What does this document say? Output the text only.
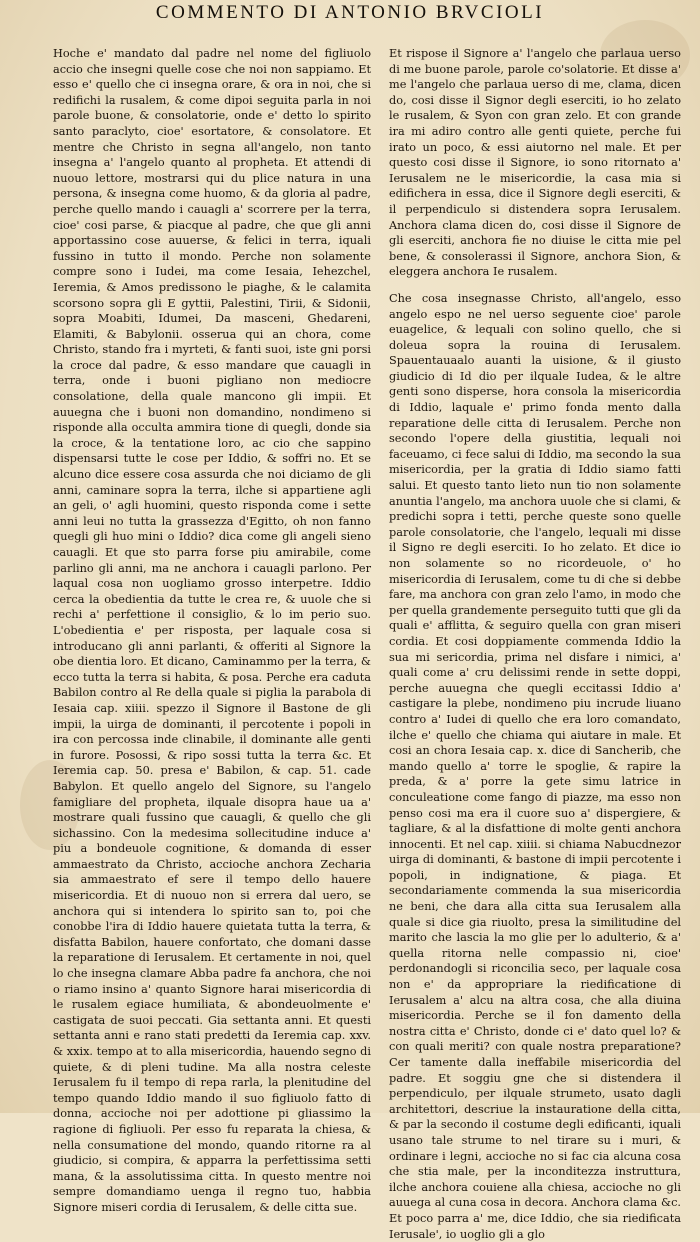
COMMENTO DI ANTONIO BRVCIOLI

Hoche e' mandato dal padre nel nome del figliuolo accio che insegni quelle cose che noi non sappiamo. Et esso e' quello che ci insegna orare, & ora in noi, che si redifichi la rusalem, & come dipoi seguita parla in noi parole buone, & consolatorie, onde e' detto lo spirito santo paraclyto, cioe' esortatore, & consolatore. Et mentre che Christo in segna all'angelo, non tanto insegna a' l'angelo quanto al propheta. Et attendi di nuouo lettore, mostrarsi qui du plice natura in una persona, & insegna come huomo, & da gloria al padre, perche quello mando i cauagli a' scorrere per la terra, cioe' cosi parse, & piacque al padre, che que gli anni apportassino cose auuerse, & felici in terra, iquali fussino in tutto il mondo. Perche non solamente compre sono i Iudei, ma come Iesaia, Iehezchel, Ieremia, & Amos predissono le piaghe, & le calamita scorsono sopra gli E gyttii, Palestini, Tirii, & Sidonii, sopra Moabiti, Idumei, Da masceni, Ghedareni, Elamiti, & Babylonii. osserua qui an chora, come Christo, stando fra i myrteti, & fanti suoi, iste gni porsi la croce dal padre, & esso mandare que cauagli in terra, onde i buoni pigliano non mediocre consolatione, della quale mancono gli impii. Et auuegna che i buoni non domandino, nondimeno si risponde alla occulta ammira tione di quegli, donde sia la croce, & la tentatione loro, ac cio che sappino dispensarsi tutte le cose per Iddio, & soffri no. Et se alcuno dice essere cosa assurda che noi diciamo de gli anni, caminare sopra la terra, ilche si appartiene agli an geli, o' agli huomini, questo risponda come i sette anni leui no tutta la grassezza d'Egitto, oh non fanno quegli gli huo mini o Iddio? dica come gli angeli sieno cauagli. Et que sto parra forse piu amirabile, come parlino gli anni, ma ne anchora i cauagli parlono. Per laqual cosa non uogliamo grosso interpetre. Iddio cerca la obedientia da tutte le crea re, & uuole che si rechi a' perfettione il consiglio, & lo im perio suo. L'obedientia e' per risposta, per laquale cosa si introducano gli anni parlanti, & offeriti al Signore la obe dientia loro. Et dicano, Caminammo per la terra, & ecco tutta la terra si habita, & posa. Perche era caduta Babilon contro al Re della quale si piglia la parabola di Iesaia cap. xiiii. spezzo il Signore il Bastone de gli impii, la uirga de dominanti, il percotente i popoli in ira con percossa inde clinabile, il dominante alle genti in furore. Posossi, & ripo sossi tutta la terra &c. Et Ieremia cap. 50. presa e' Babilon, & cap. 51. cade Babylon. Et quello angelo del Signore, su l'angelo famigliare del propheta, ilquale disopra haue ua a' mostrare quali fussino que cauagli, & quello che gli sichassino. Con la medesima sollecitudine induce a' piu a bondeuole cognitione, & domanda di esser ammaestrato da Christo, accioche anchora Zecharia sia ammaestrato ef sere il tempo dello hauere misericordia. Et di nuouo non si errera dal uero, se anchora qui si intendera lo spirito san to, poi che conobbe l'ira di Iddio hauere quietata tutta la terra, & disfatta Babilon, hauere confortato, che domani dasse la reparatione di Ierusalem. Et certamente in noi, quel lo che insegna clamare Abba padre fa anchora, che noi o riamo insino a' quanto Signore harai misericordia di le rusalem egiace humiliata, & abondeuolmente e' castigata de suoi peccati. Gia settanta anni. Et questi settanta anni e rano stati predetti da Ieremia cap. xxv. & xxix. tempo at to alla misericordia, hauendo segno di quiete, & di pleni tudine. Ma alla nostra celeste Ierusalem fu il tempo di repa rarla, la plenitudine del tempo quando Iddio mando il suo figliuolo fatto di donna, accioche noi per adottione pi gliassimo la ragione di figliuoli. Per esso fu reparata la chiesa, & nella consumatione del mondo, quando ritorne ra al giudicio, si compira, & apparra la perfettissima setti mana, & la assolutissima citta. In questo mentre noi sempre domandiamo uenga il regno tuo, habbia Signore miseri cordia di Ierusalem, & delle citta sue.

Et rispose il Signore a' l'angelo che parlaua uerso di me buone parole, parole co'solatorie. Et disse a' me l'angelo che parlaua uerso di me, clama, dicen do, cosi disse il Signor degli eserciti, io ho zelato le rusalem, & Syon con gran zelo. Et con grande ira mi adiro contro alle genti quiete, perche fui irato un poco, & essi aiutorno nel male. Et per questo cosi disse il Signore, io sono ritornato a' Ierusalem ne le misericordie, la casa mia si edifichera in essa, dice il Signore degli eserciti, & il perpendiculo si distendera sopra Ierusalem. Anchora clama dicen do, cosi disse il Signore de gli eserciti, anchora fie no diuise le citta mie pel bene, & consolerassi il Signore, anchora Sion, & eleggera anchora Ie rusalem.

Che cosa insegnasse Christo, all'angelo, esso angelo espo ne nel uerso seguente cioe' parole euagelice, & lequali con solino quello, che si doleua sopra la rouina di Ierusalem. Spauentauaalo auanti la uisione, & il giusto giudicio di Id dio per ilquale Iudea, & le altre genti sono disperse, hora consola la misericordia di Iddio, laquale e' primo fonda mento dalla reparatione delle citta di Ierusalem. Perche non secondo l'opere della giustitia, lequali noi faceuamo, ci fece salui di Iddio, ma secondo la sua misericordia, per la gratia di Iddio siamo fatti salui. Et questo tanto lieto nun tio non solamente anuntia l'angelo, ma anchora uuole che si clami, & predichi sopra i tetti, perche queste sono quelle parole consolatorie, che l'angelo, lequali mi disse il Signo re degli eserciti. Io ho zelato. Et dice io non solamente so no ricordeuole, o' ho misericordia di Ierusalem, come tu di che si debbe fare, ma anchora con gran zelo l'amo, in modo che per quella grandemente perseguito tutti que gli da quali e' afflitta, & seguiro quella con gran miseri cordia. Et cosi doppiamente commenda Iddio la sua mi sericordia, prima nel disfare i nimici, a' quali come a' cru delissimi rende in sette doppi, perche auuegna che quegli eccitassi Iddio a' castigare la plebe, nondimeno piu incrude liuano contro a' Iudei di quello che era loro comandato, ilche e' quello che chiama qui aiutare in male. Et cosi an chora Iesaia cap. x. dice di Sancherib, che mando quello a' torre le spoglie, & rapire la preda, & a' porre la gete simu latrice in conculeatione come fango di piazze, ma esso non penso cosi ma era il cuore suo a' dispergiere, & tagliare, & al la disfattione di molte genti anchora innocenti. Et nel cap. xiiii. si chiama Nabucdnezor uirga di dominanti, & bastone di impii percotente i popoli, in indignatione, & piaga. Et secondariamente commenda la sua misericordia ne beni, che dara alla citta sua Ierusalem alla quale si dice gia riuolto, presa la similitudine del marito che lascia la mo glie per lo adulterio, & a' quella ritorna nelle compassio ni, cioe' perdonandogli si riconcilia seco, per laquale cosa non e' da appropriare la riedificatione di Ierusalem a' alcu na altra cosa, che alla diuina misericordia. Perche se il fon damento della nostra citta e' Christo, donde ci e' dato quel lo? & con quali meriti? con quale nostra preparatione? Cer tamente dalla ineffabile misericordia del padre. Et soggiu gne che si distendera il perpendiculo, per ilquale strumeto, usato dagli architettori, descriue la instauratione della citta, & par la secondo il costume degli edificanti, iquali usano tale strume to nel tirare su i muri, & ordinare i legni, accioche no si fac cia alcuna cosa che stia male, per la inconditezza instruttura, ilche anchora couiene alla chiesa, accioche no gli auuega al cuna cosa in decora. Anchora clama &c. Et poco parra a' me, dice Iddio, che sia riedificata Ierusale', io uoglio gli a glo
